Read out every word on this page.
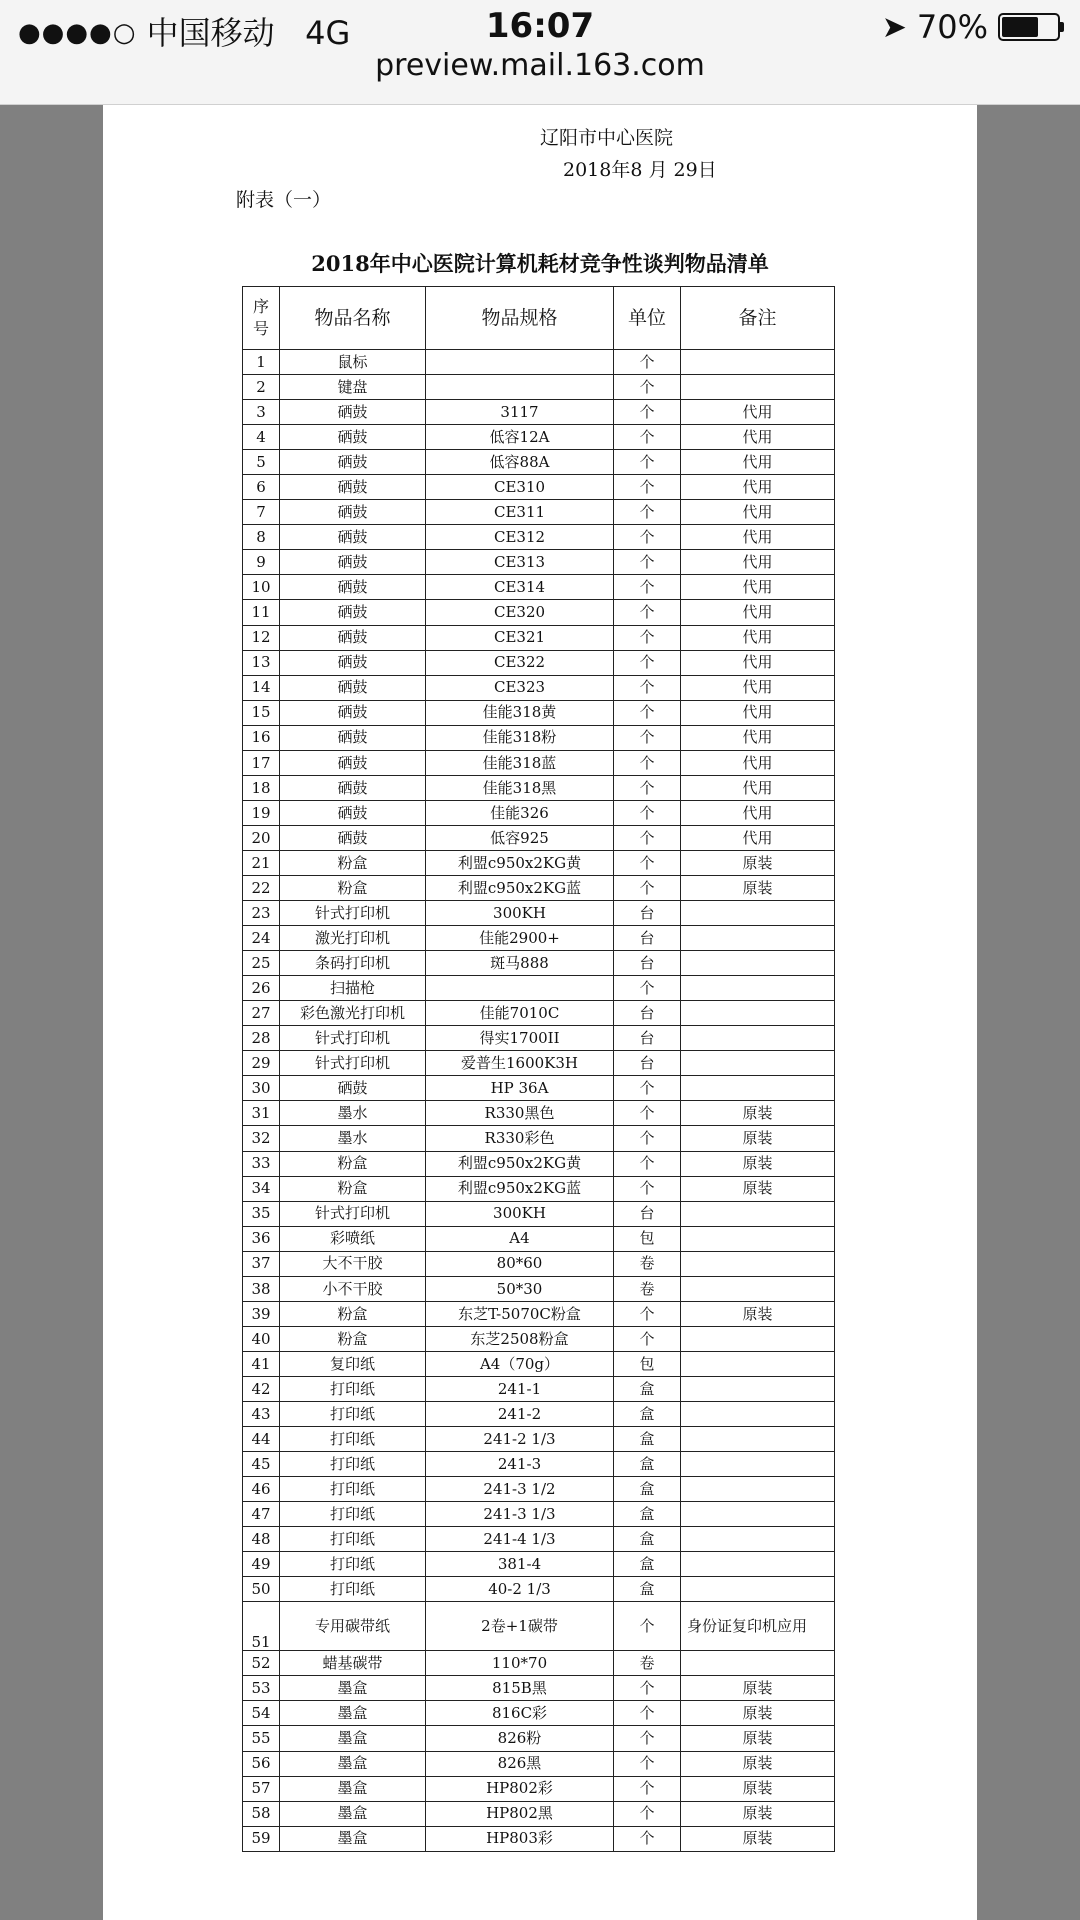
●●●●○ 中国移动 4G	16:07	➤ 70%
preview.mail.163.com
辽阳市中心医院
2018年8 月 29日
附表（一）
2018年中心医院计算机耗材竞争性谈判物品清单
序
号	物品名称	物品规格	单位	备注
1	鼠标		个	
2	键盘		个	
3	硒鼓	3117	个	代用
4	硒鼓	低容12A	个	代用
5	硒鼓	低容88A	个	代用
6	硒鼓	CE310	个	代用
7	硒鼓	CE311	个	代用
8	硒鼓	CE312	个	代用
9	硒鼓	CE313	个	代用
10	硒鼓	CE314	个	代用
11	硒鼓	CE320	个	代用
12	硒鼓	CE321	个	代用
13	硒鼓	CE322	个	代用
14	硒鼓	CE323	个	代用
15	硒鼓	佳能318黄	个	代用
16	硒鼓	佳能318粉	个	代用
17	硒鼓	佳能318蓝	个	代用
18	硒鼓	佳能318黑	个	代用
19	硒鼓	佳能326	个	代用
20	硒鼓	低容925	个	代用
21	粉盒	利盟c950x2KG黄	个	原装
22	粉盒	利盟c950x2KG蓝	个	原装
23	针式打印机	300KH	台	
24	激光打印机	佳能2900+	台	
25	条码打印机	斑马888	台	
26	扫描枪		个	
27	彩色激光打印机	佳能7010C	台	
28	针式打印机	得实1700II	台	
29	针式打印机	爱普生1600K3H	台	
30	硒鼓	HP 36A	个	
31	墨水	R330黑色	个	原装
32	墨水	R330彩色	个	原装
33	粉盒	利盟c950x2KG黄	个	原装
34	粉盒	利盟c950x2KG蓝	个	原装
35	针式打印机	300KH	台	
36	彩喷纸	A4	包	
37	大不干胶	80*60	卷	
38	小不干胶	50*30	卷	
39	粉盒	东芝T-5070C粉盒	个	原装
40	粉盒	东芝2508粉盒	个	
41	复印纸	A4（70g）	包	
42	打印纸	241-1	盒	
43	打印纸	241-2	盒	
44	打印纸	241-2 1/3	盒	
45	打印纸	241-3	盒	
46	打印纸	241-3 1/2	盒	
47	打印纸	241-3 1/3	盒	
48	打印纸	241-4 1/3	盒	
49	打印纸	381-4	盒	
50	打印纸	40-2 1/3	盒	
51	专用碳带纸	2卷+1碳带	个	身份证复印机应用
52	蜡基碳带	110*70	卷	
53	墨盒	815B黑	个	原装
54	墨盒	816C彩	个	原装
55	墨盒	826粉	个	原装
56	墨盒	826黑	个	原装
57	墨盒	HP802彩	个	原装
58	墨盒	HP802黑	个	原装
59	墨盒	HP803彩	个	原装
